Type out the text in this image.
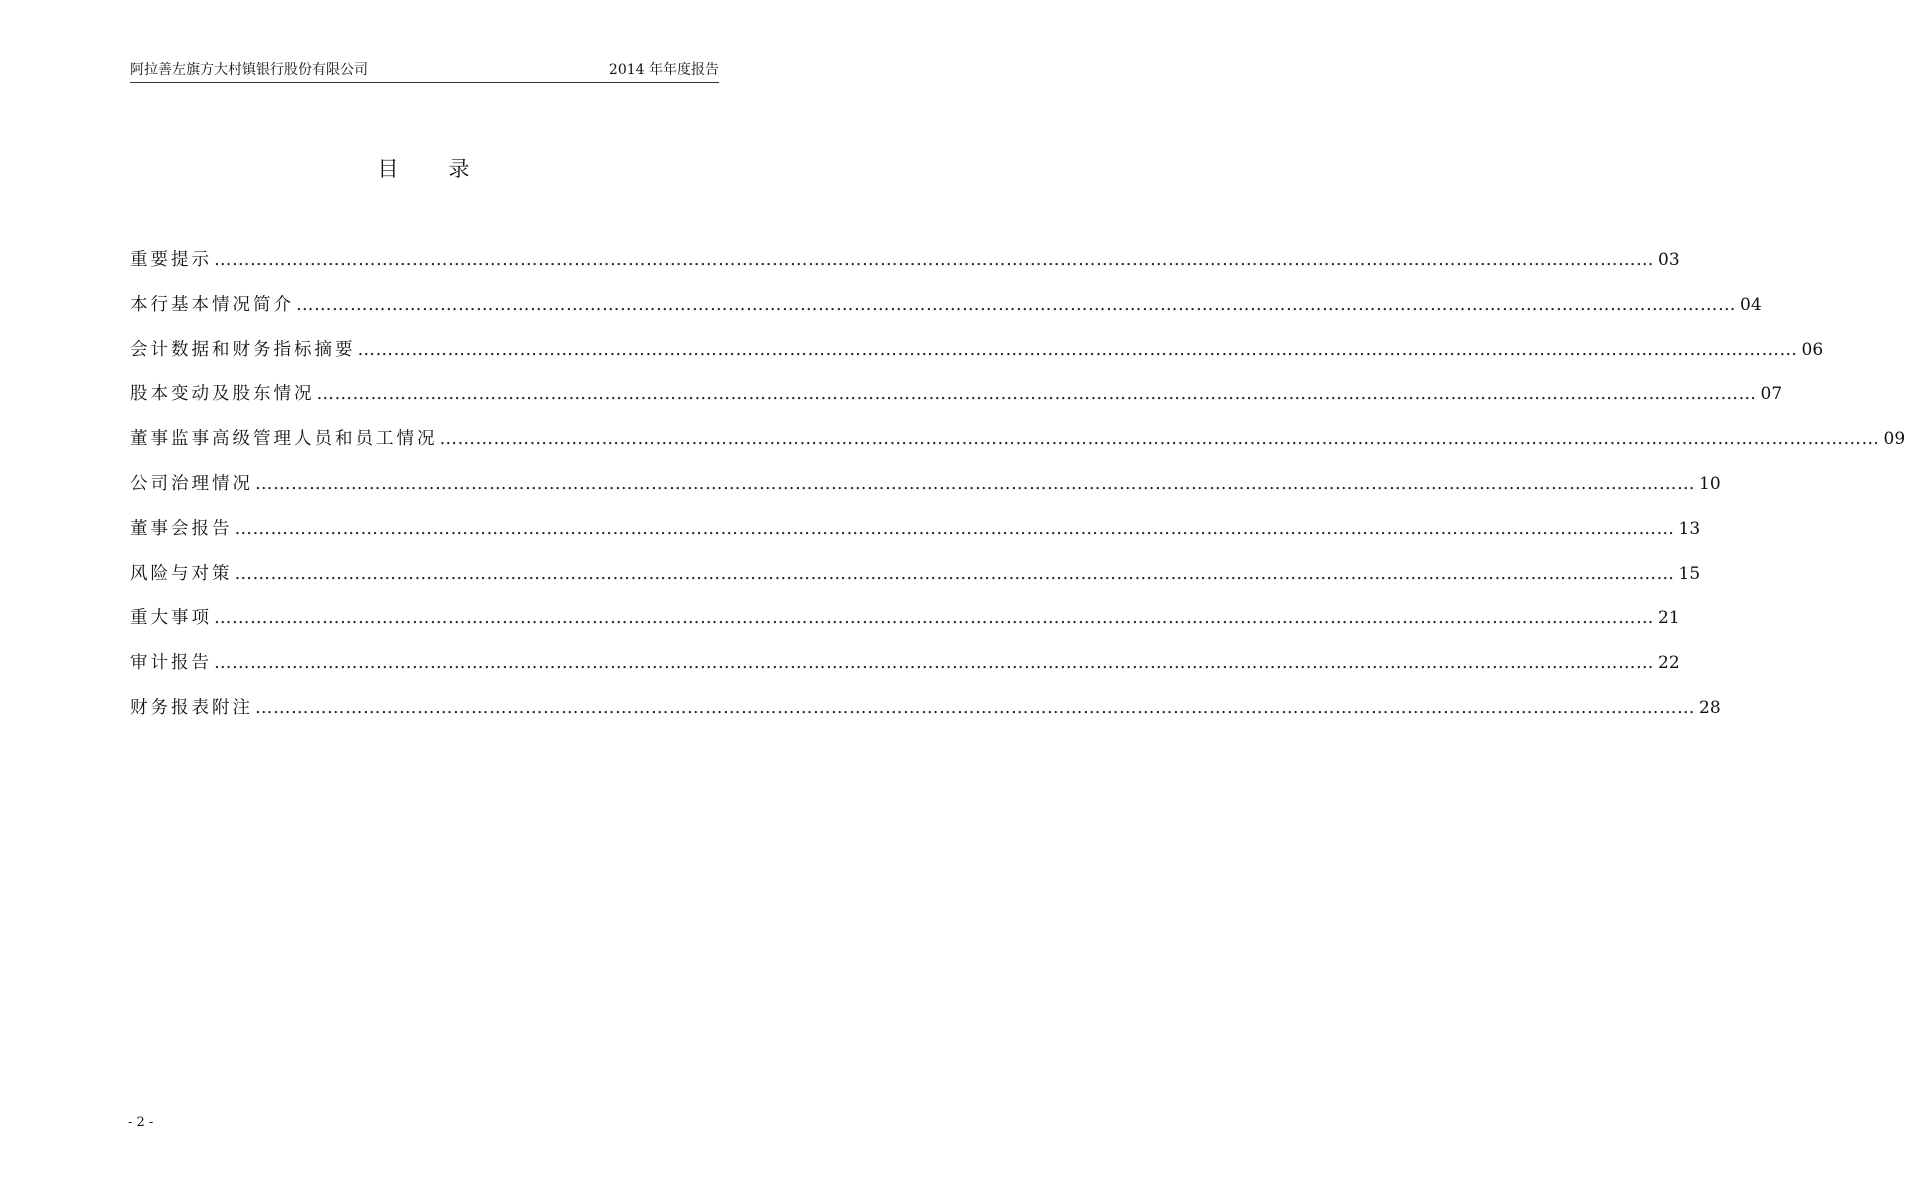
阿拉善左旗方大村镇银行股份有限公司	2014 年年度报告
目 录
重要提示 …………………………………………………………………………………………………………………………………………………………………………………………………………………… 03
本行基本情况简介 …………………………………………………………………………………………………………………………………………………………………………………………………………………… 04
会计数据和财务指标摘要 …………………………………………………………………………………………………………………………………………………………………………………………………………………… 06
股本变动及股东情况 …………………………………………………………………………………………………………………………………………………………………………………………………………………… 07
董事监事高级管理人员和员工情况 …………………………………………………………………………………………………………………………………………………………………………………………………………………… 09
公司治理情况 …………………………………………………………………………………………………………………………………………………………………………………………………………………… 10
董事会报告 …………………………………………………………………………………………………………………………………………………………………………………………………………………… 13
风险与对策 …………………………………………………………………………………………………………………………………………………………………………………………………………………… 15
重大事项 …………………………………………………………………………………………………………………………………………………………………………………………………………………… 21
审计报告 …………………………………………………………………………………………………………………………………………………………………………………………………………………… 22
财务报表附注 …………………………………………………………………………………………………………………………………………………………………………………………………………………… 28
- 2 -
